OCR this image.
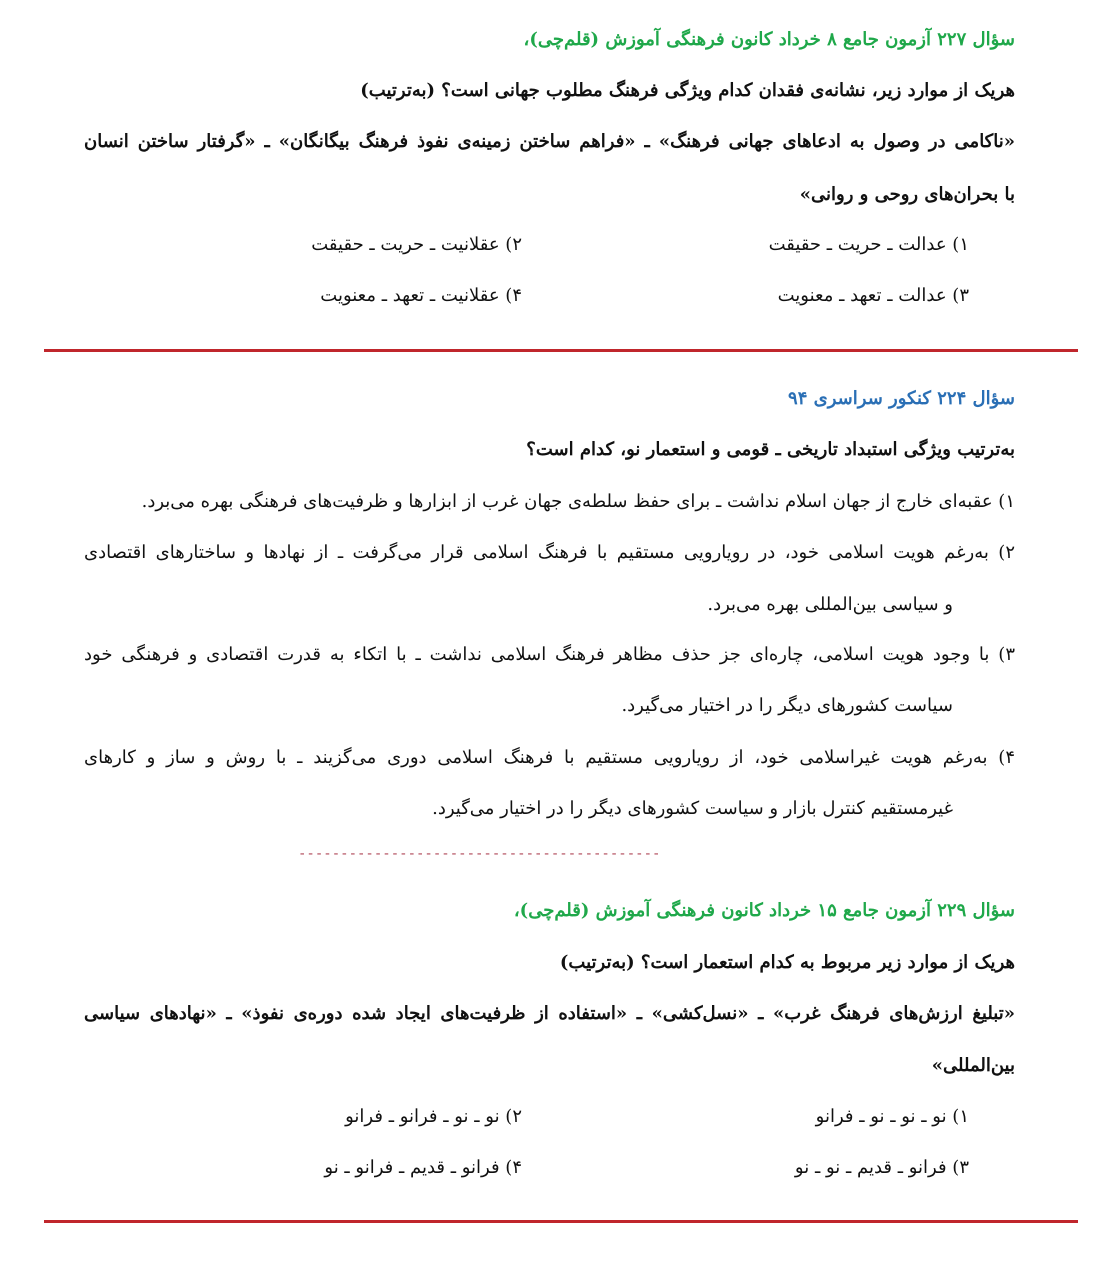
سؤال ۲۲۷ آزمون جامع ۸ خرداد کانون فرهنگی آموزش (قلم‌چی)،
هریک از موارد زیر، نشانه‌ی فقدان کدام ویژگی فرهنگ مطلوب جهانی است؟ (به‌ترتیب)
«ناکامی در وصول به ادعاهای جهانی فرهنگ» ـ «فراهم ساختن زمینه‌ی نفوذ فرهنگ بیگانگان» ـ «گرفتار ساختن انسان
با بحران‌های روحی و روانی»
۱) عدالت ـ حریت ـ حقیقت
۲) عقلانیت ـ حریت ـ حقیقت
۳) عدالت ـ تعهد ـ معنویت
۴) عقلانیت ـ تعهد ـ معنویت
سؤال ۲۲۴ کنکور سراسری ۹۴
به‌ترتیب ویژگی استبداد تاریخی ـ قومی و استعمار نو، کدام است؟
۱) عقبه‌ای خارج از جهان اسلام نداشت ـ برای حفظ سلطه‌ی جهان غرب از ابزارها و ظرفیت‌های فرهنگی بهره می‌برد.
۲) به‌رغم هویت اسلامی خود، در رویارویی مستقیم با فرهنگ اسلامی قرار می‌گرفت ـ از نهادها و ساختارهای اقتصادی
و سیاسی بین‌المللی بهره می‌برد.
۳) با وجود هویت اسلامی، چاره‌ای جز حذف مظاهر فرهنگ اسلامی نداشت ـ با اتکاء به قدرت اقتصادی و فرهنگی خود
سیاست کشورهای دیگر را در اختیار می‌گیرد.
۴) به‌رغم هویت غیراسلامی خود، از رویارویی مستقیم با فرهنگ اسلامی دوری می‌گزیند ـ با روش و ساز و کارهای
غیرمستقیم کنترل بازار و سیاست کشورهای دیگر را در اختیار می‌گیرد.
-------------------------------------------
سؤال ۲۲۹ آزمون جامع ۱۵ خرداد کانون فرهنگی آموزش (قلم‌چی)،
هریک از موارد زیر مربوط به کدام استعمار است؟ (به‌ترتیب)
«تبلیغ ارزش‌های فرهنگ غرب» ـ «نسل‌کشی» ـ «استفاده از ظرفیت‌های ایجاد شده دوره‌ی نفوذ» ـ «نهادهای سیاسی
بین‌المللی»
۱) نو ـ نو ـ نو ـ فرانو
۲) نو ـ نو ـ فرانو ـ فرانو
۳) فرانو ـ قدیم ـ نو ـ نو
۴) فرانو ـ قدیم ـ فرانو ـ نو
